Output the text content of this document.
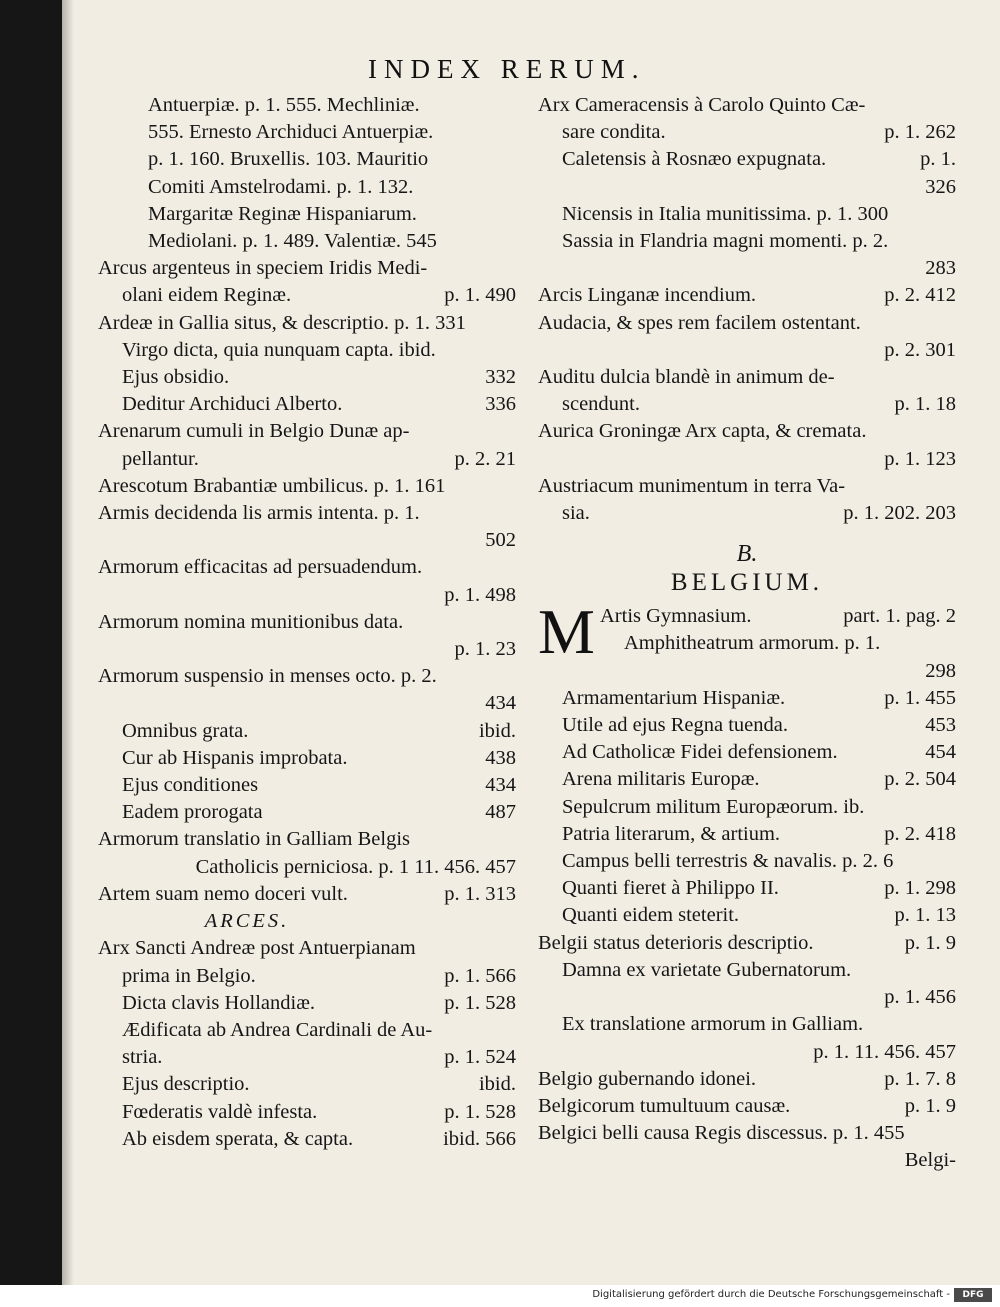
INDEX RERUM.
Antuerpiæ. p. 1. 555. Mechliniæ.
555. Ernesto Archiduci Antuerpiæ.
p. 1. 160. Bruxellis. 103. Mauritio
Comiti Amstelrodami. p. 1. 132.
Margaritæ Reginæ Hispaniarum.
Mediolani. p. 1. 489. Valentiæ. 545
Arcus argenteus in speciem Iridis Medi-
olani eidem Reginæ.	p. 1. 490
Ardeæ in Gallia situs, & descriptio. p. 1. 331
Virgo dicta, quia nunquam capta. ibid.
Ejus obsidio.	332
Deditur Archiduci Alberto.	336
Arenarum cumuli in Belgio Dunæ ap-
pellantur.	p. 2. 21
Arescotum Brabantiæ umbilicus. p. 1. 161
Armis decidenda lis armis intenta. p. 1.
502
Armorum efficacitas ad persuadendum.
p. 1. 498
Armorum nomina munitionibus data.
p. 1. 23
Armorum suspensio in menses octo. p. 2.
434
Omnibus grata.	ibid.
Cur ab Hispanis improbata.	438
Ejus conditiones	434
Eadem prorogata	487
Armorum translatio in Galliam Belgis
Catholicis perniciosa. p. 1 11. 456. 457
Artem suam nemo doceri vult.	p. 1. 313
ARCES.
Arx Sancti Andreæ post Antuerpianam
prima in Belgio.	p. 1. 566
Dicta clavis Hollandiæ.	p. 1. 528
Ædificata ab Andrea Cardinali de Au-
stria.	p. 1. 524
Ejus descriptio.	ibid.
Fœderatis valdè infesta.	p. 1. 528
Ab eisdem sperata, & capta.	ibid. 566
Arx Cameracensis à Carolo Quinto Cæ-
sare condita.	p. 1. 262
Caletensis à Rosnæo expugnata.	p. 1.
326
Nicensis in Italia munitissima. p. 1. 300
Sassia in Flandria magni momenti. p. 2.
283
Arcis Linganæ incendium.	p. 2. 412
Audacia, & spes rem facilem ostentant.
p. 2. 301
Auditu dulcia blandè in animum de-
scendunt.	p. 1. 18
Aurica Groningæ Arx capta, & cremata.
p. 1. 123
Austriacum munimentum in terra Va-
sia.	p. 1. 202. 203
B.
BELGIUM.
M Artis Gymnasium.	part. 1. pag. 2
Amphitheatrum armorum. p. 1.
298
Armamentarium Hispaniæ.	p. 1. 455
Utile ad ejus Regna tuenda.	453
Ad Catholicæ Fidei defensionem.	454
Arena militaris Europæ.	p. 2. 504
Sepulcrum militum Europæorum. ib.
Patria literarum, & artium.	p. 2. 418
Campus belli terrestris & navalis. p. 2. 6
Quanti fieret à Philippo II.	p. 1. 298
Quanti eidem steterit.	p. 1. 13
Belgii status deterioris descriptio.	p. 1. 9
Damna ex varietate Gubernatorum.
p. 1. 456
Ex translatione armorum in Galliam.
p. 1. 11. 456. 457
Belgio gubernando idonei.	p. 1. 7. 8
Belgicorum tumultuum causæ.	p. 1. 9
Belgici belli causa Regis discessus. p. 1. 455
Belgi-
Digitalisierung gefördert durch die Deutsche Forschungsgemeinschaft -	DFG
